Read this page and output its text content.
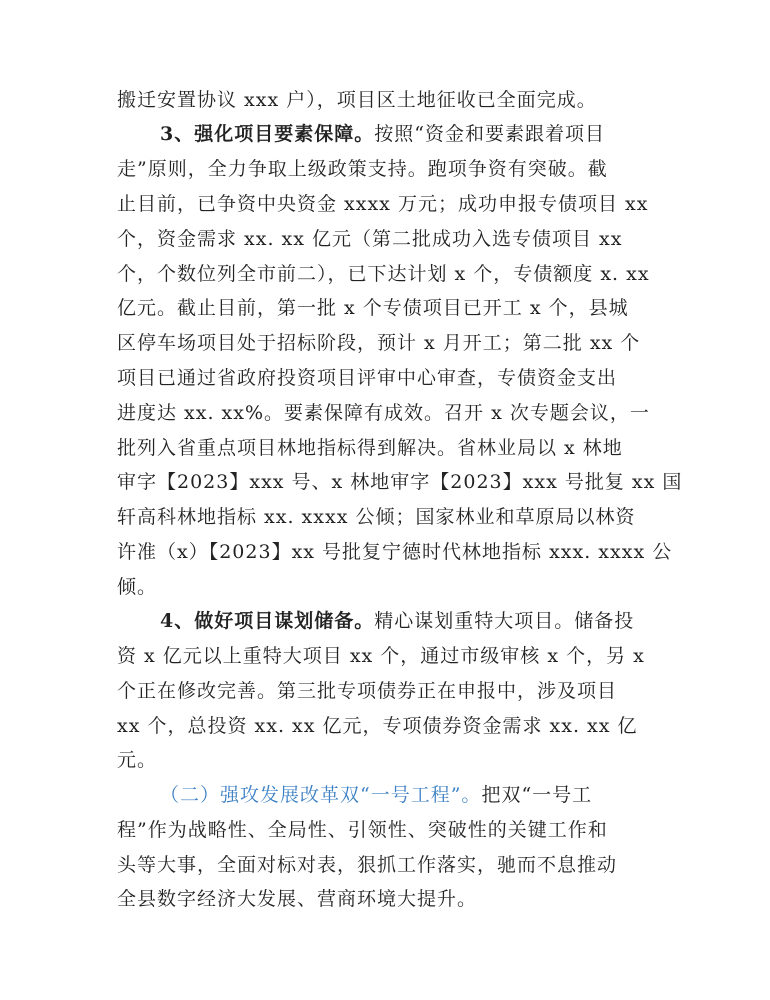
搬迁安置协议 xxx 户），项目区土地征收已全面完成。
3、强化项目要素保障。按照“资金和要素跟着项目
走”原则，全力争取上级政策支持。跑项争资有突破。截
止目前，已争资中央资金 xxxx 万元；成功申报专债项目 xx
个，资金需求 xx. xx 亿元（第二批成功入选专债项目 xx
个，个数位列全市前二），已下达计划 x 个，专债额度 x. xx
亿元。截止目前，第一批 x 个专债项目已开工 x 个，县城
区停车场项目处于招标阶段，预计 x 月开工；第二批 xx 个
项目已通过省政府投资项目评审中心审查，专债资金支出
进度达 xx. xx%。要素保障有成效。召开 x 次专题会议，一
批列入省重点项目林地指标得到解决。省林业局以 x 林地
审字【2023】xxx 号、x 林地审字【2023】xxx 号批复 xx 国
轩高科林地指标 xx. xxxx 公倾；国家林业和草原局以林资
许准（x）【2023】xx 号批复宁德时代林地指标 xxx. xxxx 公
倾。
4、做好项目谋划储备。精心谋划重特大项目。储备投
资 x 亿元以上重特大项目 xx 个，通过市级审核 x 个，另 x
个正在修改完善。第三批专项债券正在申报中，涉及项目
xx 个，总投资 xx. xx 亿元，专项债券资金需求 xx. xx 亿
元。
（二）强攻发展改革双“一号工程”。把双“一号工
程”作为战略性、全局性、引领性、突破性的关键工作和
头等大事，全面对标对表，狠抓工作落实，驰而不息推动
全县数字经济大发展、营商环境大提升。
